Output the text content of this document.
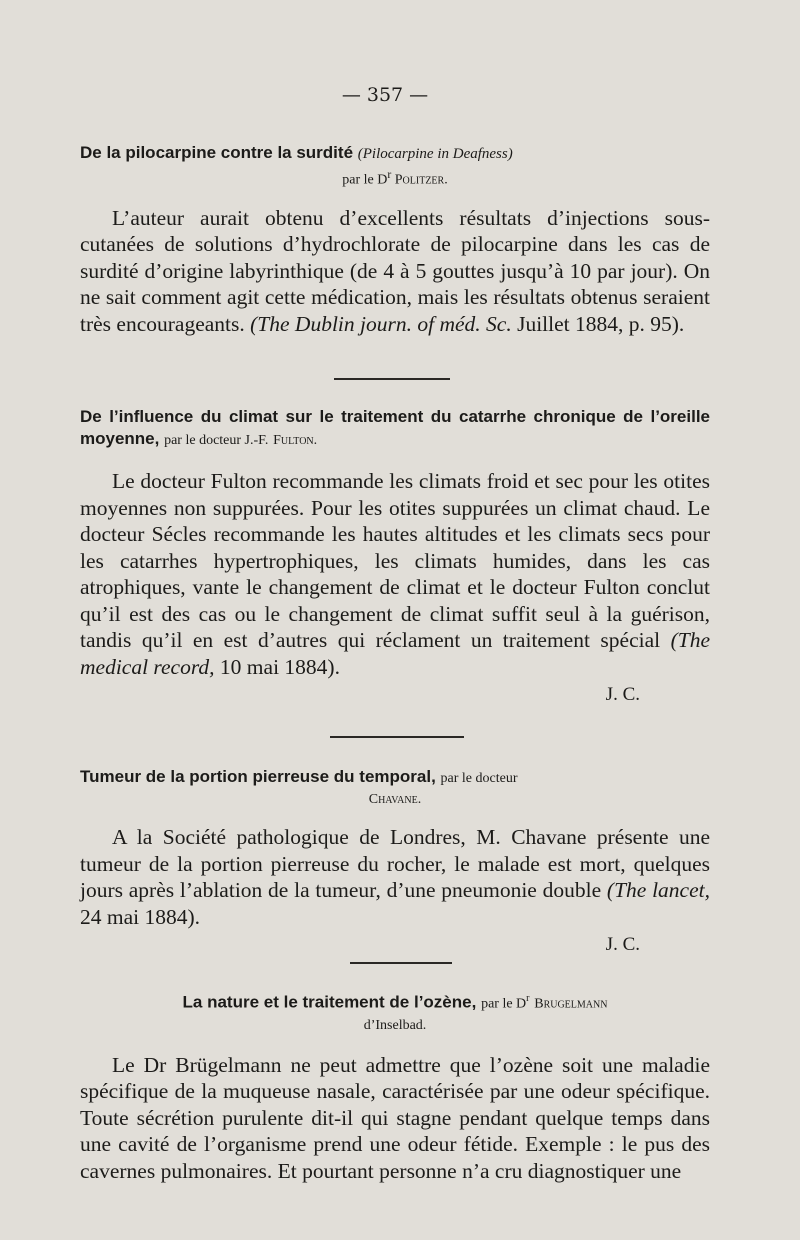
— 357 —
De la pilocarpine contre la surdité (Pilocarpine in Deafness)
par le $D^r$ Politzer.

L’auteur aurait obtenu d’excellents résultats d’injections sous-cutanées de solutions d’hydrochlorate de pilocarpine dans les cas de surdité d’origine labyrinthique (de 4 à 5 gouttes jusqu’à 10 par jour). On ne sait comment agit cette médication, mais les résultats obtenus seraient très encourageants. (The Dublin journ. of méd. Sc. Juillet 1884, p. 95).

De l’influence du climat sur le traitement du catarrhe chronique de l’oreille moyenne, par le docteur J.-F. Fulton.

Le docteur Fulton recommande les climats froid et sec pour les otites moyennes non suppurées. Pour les otites suppurées un climat chaud. Le docteur Sécles recommande les hautes altitudes et les climats secs pour les catarrhes hypertrophiques, les climats humides, dans les cas atrophiques, vante le changement de climat et le docteur Fulton conclut qu’il est des cas ou le changement de climat suffit seul à la guérison, tandis qu’il en est d’autres qui réclament un traitement spécial (The medical record, 10 mai 1884).

J. C.
Tumeur de la portion pierreuse du temporal, par le docteur
Chavane.

A la Société pathologique de Londres, M. Chavane présente une tumeur de la portion pierreuse du rocher, le malade est mort, quelques jours après l’ablation de la tumeur, d’une pneumonie double (The lancet, 24 mai 1884).

J. C.
La nature et le traitement de l’ozène, par le $D^r$ Brugelmann
d’Inselbad.

Le Dr Brügelmann ne peut admettre que l’ozène soit une maladie spécifique de la muqueuse nasale, caractérisée par une odeur spécifique. Toute sécrétion purulente dit-il qui stagne pendant quelque temps dans une cavité de l’organisme prend une odeur fétide. Exemple : le pus des cavernes pulmonaires. Et pourtant personne n’a cru diagnostiquer une
